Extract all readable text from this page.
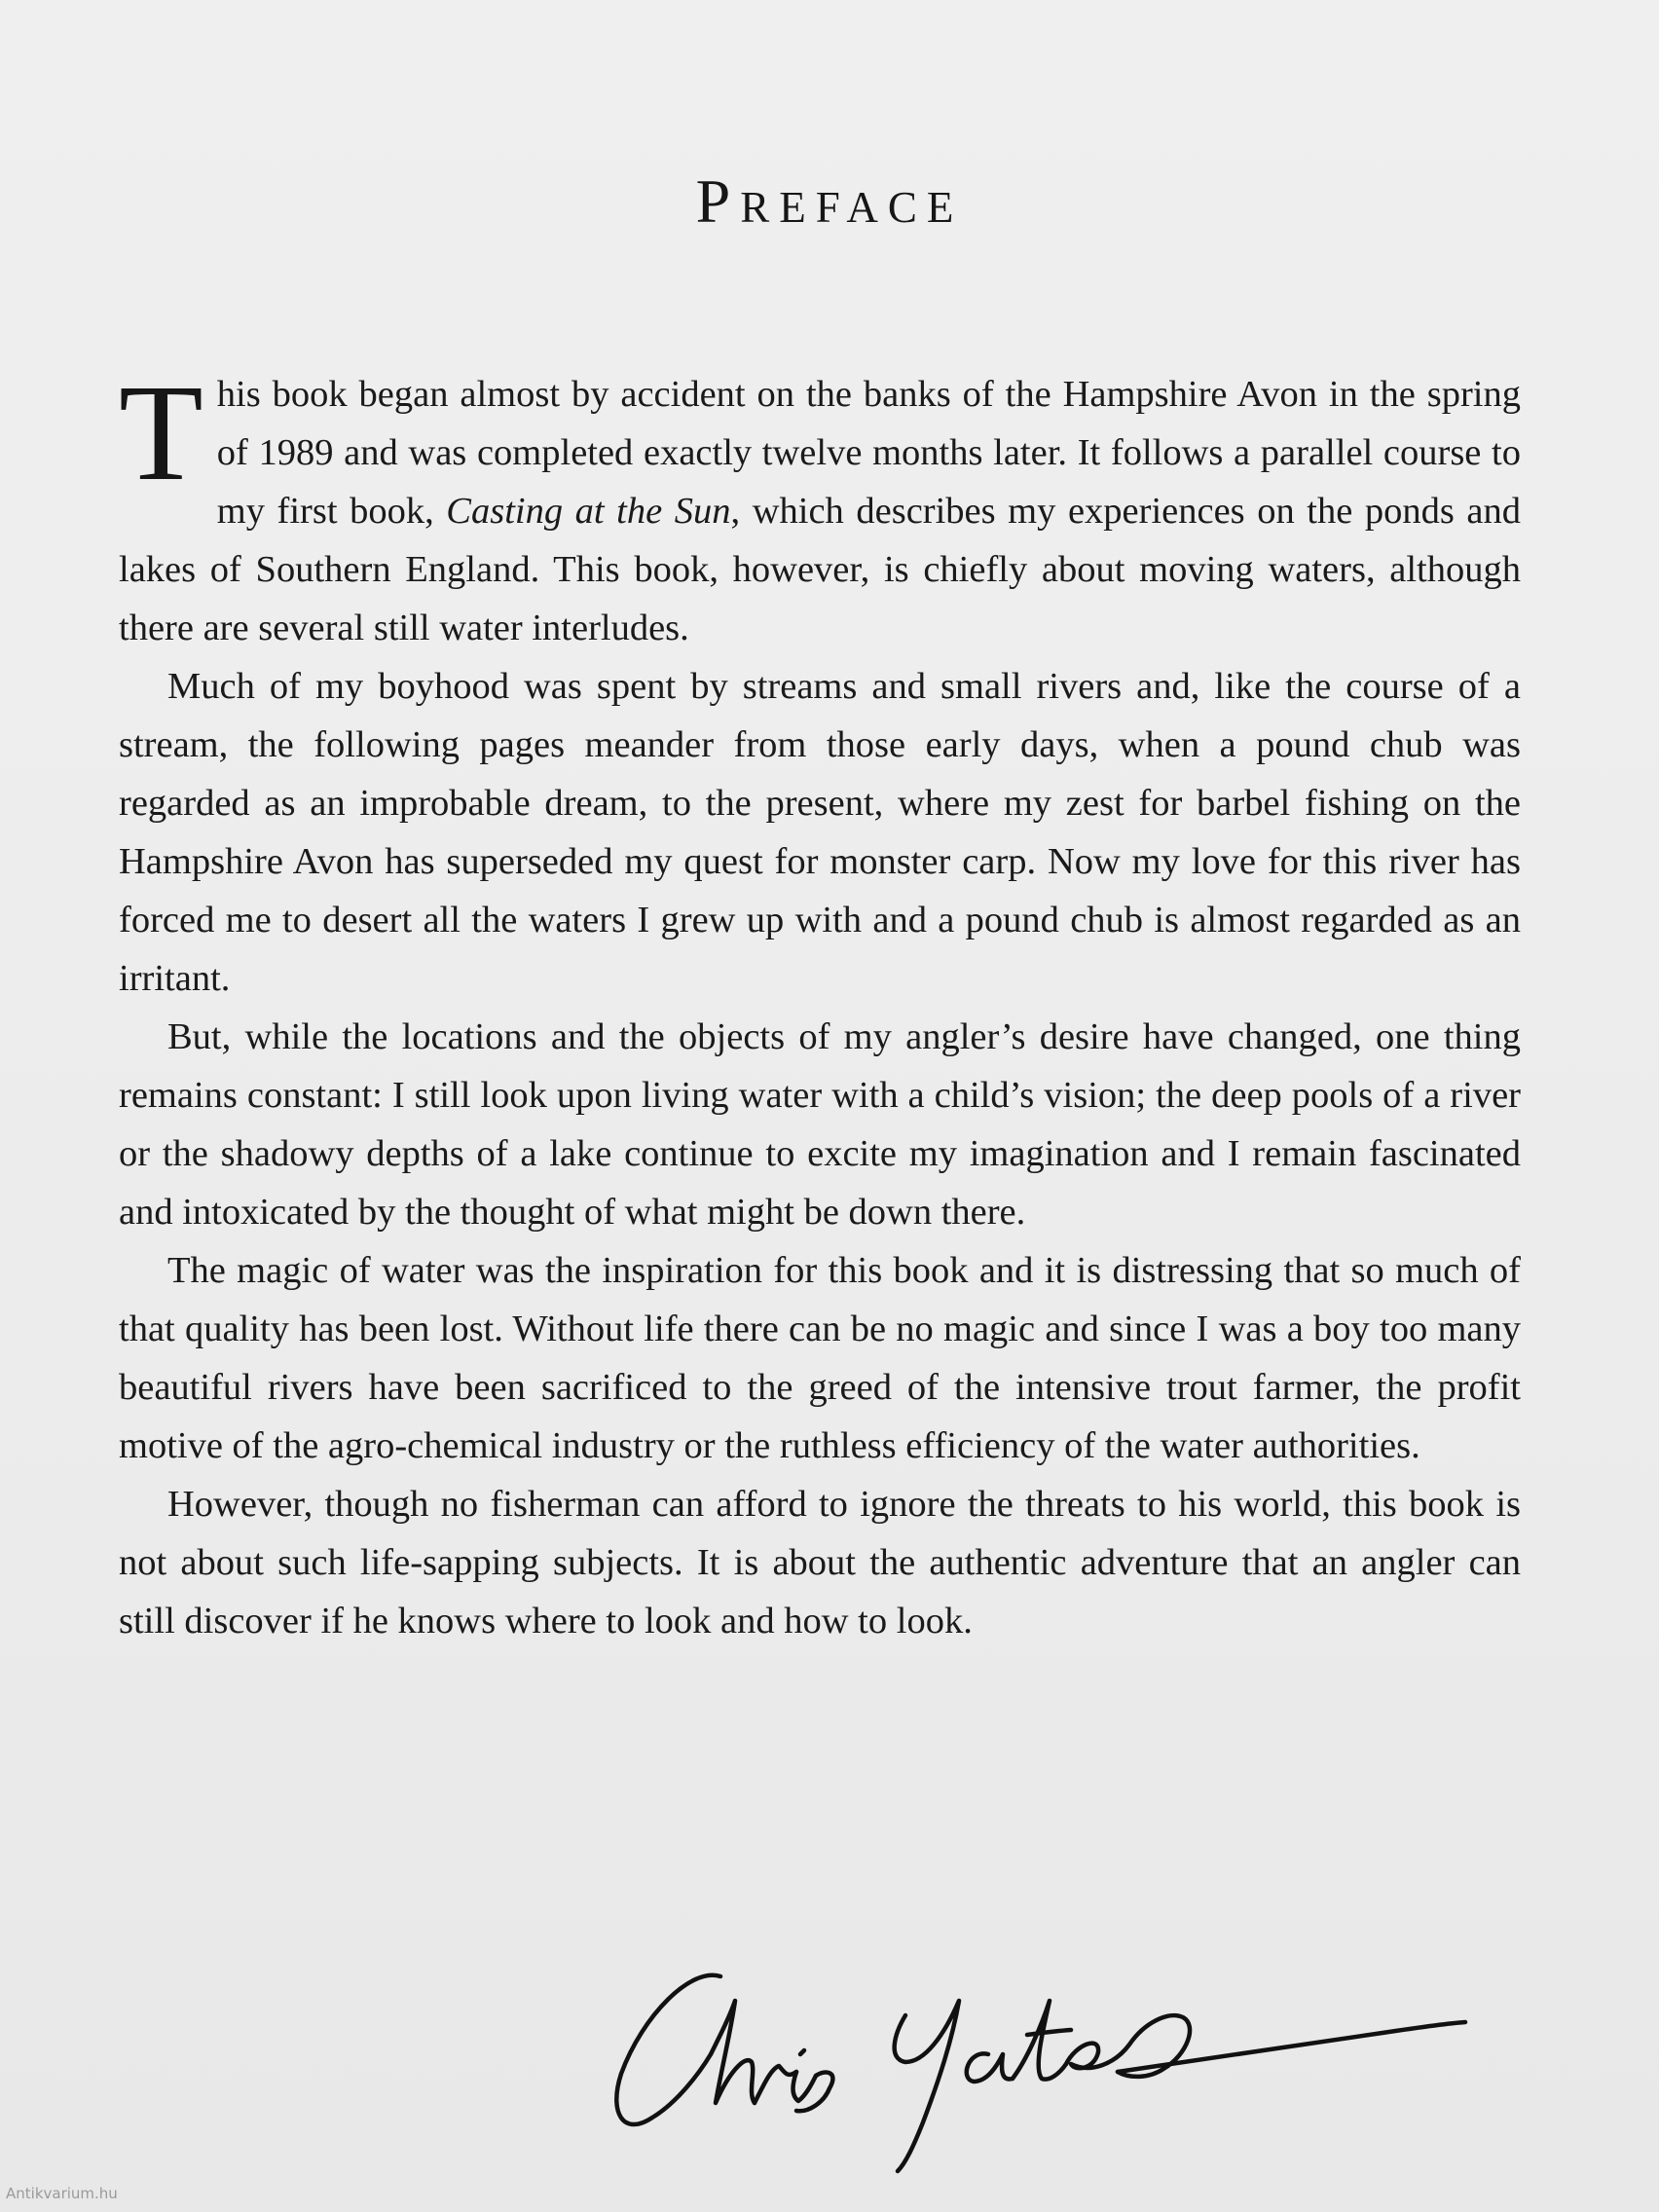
Preface

This book began almost by accident on the banks of the Hampshire Avon in the spring of 1989 and was completed exactly twelve months later. It follows a parallel course to my first book, Casting at the Sun, which describes my experiences on the ponds and lakes of Southern England. This book, however, is chiefly about moving waters, although there are several still water interludes.

Much of my boyhood was spent by streams and small rivers and, like the course of a stream, the following pages meander from those early days, when a pound chub was regarded as an improbable dream, to the present, where my zest for barbel fishing on the Hampshire Avon has superseded my quest for monster carp. Now my love for this river has forced me to desert all the waters I grew up with and a pound chub is almost regarded as an irritant.

But, while the locations and the objects of my angler’s desire have changed, one thing remains constant: I still look upon living water with a child’s vision; the deep pools of a river or the shadowy depths of a lake continue to excite my imagination and I remain fascinated and intoxicated by the thought of what might be down there.

The magic of water was the inspiration for this book and it is distressing that so much of that quality has been lost. Without life there can be no magic and since I was a boy too many beautiful rivers have been sacrificed to the greed of the intensive trout farmer, the profit motive of the agro-chemical industry or the ruthless efficiency of the water authorities.

However, though no fisherman can afford to ignore the threats to his world, this book is not about such life-sapping subjects. It is about the authentic adventure that an angler can still discover if he knows where to look and how to look.

Antikvarium.hu
